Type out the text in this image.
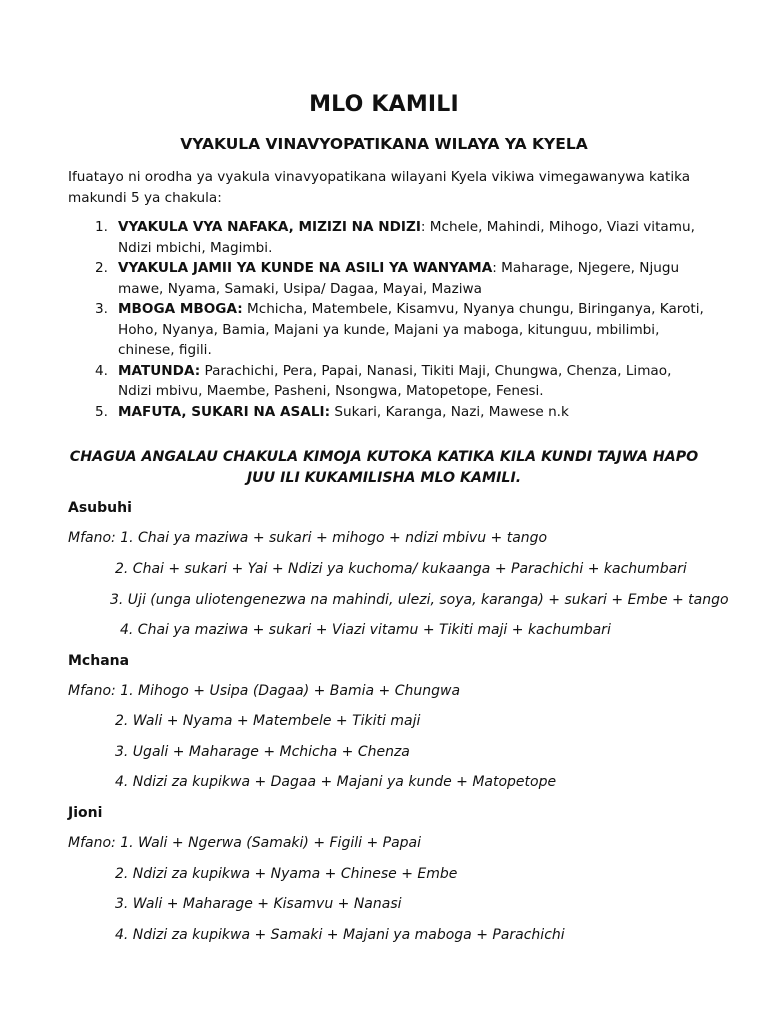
MLO KAMILI
VYAKULA VINAVYOPATIKANA WILAYA YA KYELA
Ifuatayo ni orodha ya vyakula vinavyopatikana wilayani Kyela vikiwa vimegawanywa katika
makundi 5 ya chakula:
1. VYAKULA VYA NAFAKA, MIZIZI NA NDIZI: Mchele, Mahindi, Mihogo, Viazi vitamu,
Ndizi mbichi, Magimbi.
2. VYAKULA JAMII YA KUNDE NA ASILI YA WANYAMA: Maharage, Njegere, Njugu
mawe, Nyama, Samaki, Usipa/ Dagaa, Mayai, Maziwa
3. MBOGA MBOGA: Mchicha, Matembele, Kisamvu, Nyanya chungu, Biringanya, Karoti,
Hoho, Nyanya, Bamia, Majani ya kunde, Majani ya maboga, kitunguu, mbilimbi,
chinese, figili.
4. MATUNDA: Parachichi, Pera, Papai, Nanasi, Tikiti Maji, Chungwa, Chenza, Limao,
Ndizi mbivu, Maembe, Pasheni, Nsongwa, Matopetope, Fenesi.
5. MAFUTA, SUKARI NA ASALI: Sukari, Karanga, Nazi, Mawese n.k
CHAGUA ANGALAU CHAKULA KIMOJA KUTOKA KATIKA KILA KUNDI TAJWA HAPO
JUU ILI KUKAMILISHA MLO KAMILI.
Asubuhi
Mfano: 1. Chai ya maziwa + sukari + mihogo + ndizi mbivu + tango
2. Chai + sukari + Yai + Ndizi ya kuchoma/ kukaanga + Parachichi + kachumbari
3. Uji (unga uliotengenezwa na mahindi, ulezi, soya, karanga) + sukari + Embe + tango
4. Chai ya maziwa + sukari + Viazi vitamu + Tikiti maji + kachumbari
Mchana
Mfano: 1. Mihogo + Usipa (Dagaa) + Bamia + Chungwa
2. Wali + Nyama + Matembele + Tikiti maji
3. Ugali + Maharage + Mchicha + Chenza
4. Ndizi za kupikwa + Dagaa + Majani ya kunde + Matopetope
Jioni
Mfano: 1. Wali + Ngerwa (Samaki) + Figili + Papai
2. Ndizi za kupikwa + Nyama + Chinese + Embe
3. Wali + Maharage + Kisamvu + Nanasi
4. Ndizi za kupikwa + Samaki + Majani ya maboga + Parachichi
